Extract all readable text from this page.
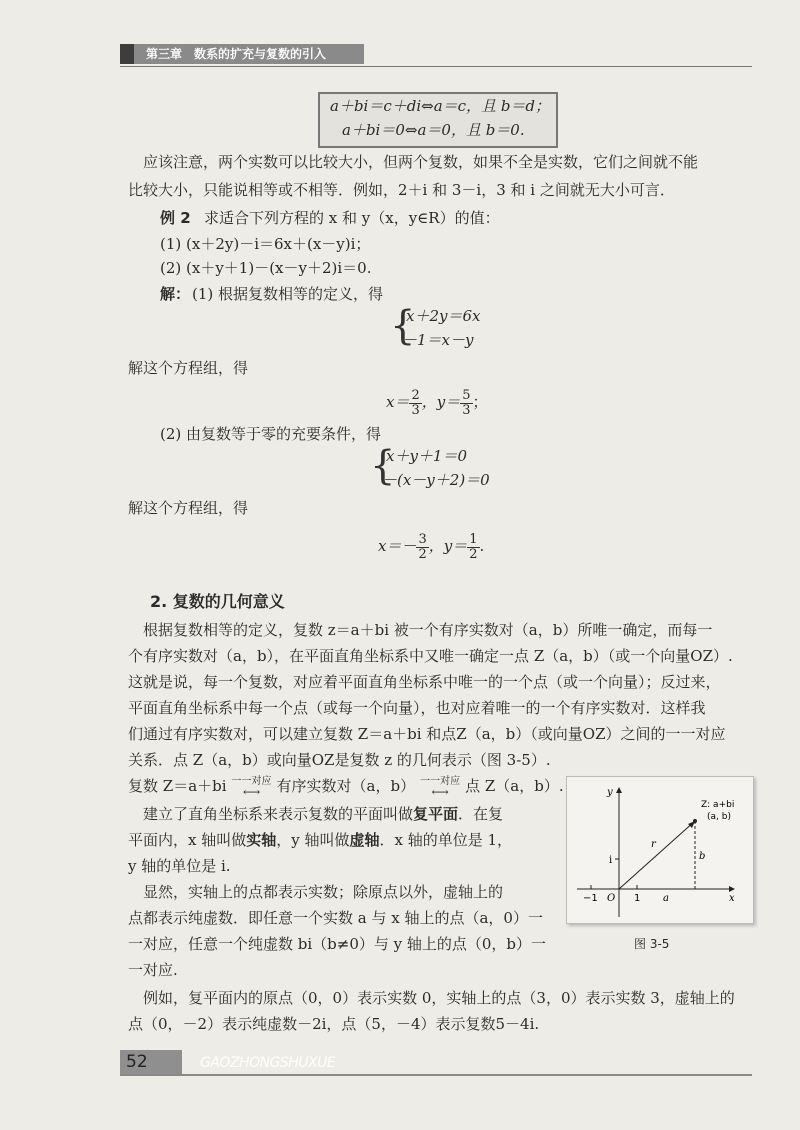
第三章　数系的扩充与复数的引入
a＋bi＝c＋di⇔a＝c，且 b＝d；
a＋bi＝0⇔a＝0，且 b＝0.
　应该注意，两个实数可以比较大小，但两个复数，如果不全是实数，它们之间就不能
比较大小，只能说相等或不相等．例如，2＋i 和 3－i，3 和 i 之间就无大小可言．
例 2 求适合下列方程的 x 和 y（x，y∈R）的值：
(1) (x＋2y)－i＝6x＋(x－y)i；
(2) (x＋y＋1)－(x－y＋2)i＝0.
解： (1) 根据复数相等的定义，得
{
x＋2y＝6x
－1＝x－y
解这个方程组，得
$x= \frac{2}{3}$ ，$y= \frac{5}{3}$ ；
(2) 由复数等于零的充要条件，得
{
x＋y＋1＝0
－(x－y＋2)＝0
解这个方程组，得
$x=- \frac{3}{2}$ ，$y= \frac{1}{2}$ .
2. 复数的几何意义
　根据复数相等的定义，复数 z＝a＋bi 被一个有序实数对（a，b）所唯一确定，而每一
个有序实数对（a，b），在平面直角坐标系中又唯一确定一点 Z（a，b）（或一个向量OZ）.
这就是说，每一个复数，对应着平面直角坐标系中唯一的一个点（或一个向量）；反过来，
平面直角坐标系中每一个点（或每一个向量），也对应着唯一的一个有序实数对．这样我
们通过有序实数对，可以建立复数 Z＝a＋bi 和点Z（a，b）（或向量OZ）之间的一一对应
关系．点 Z（a，b）或向量OZ是复数 z 的几何表示（图 3-5）.
复数 Z＝a＋bi 一一对应
⟷	有序实数对（a，b） 一一对应
⟷	点 Z（a，b）.
　建立了直角坐标系来表示复数的平面叫做复平面．在复
平面内，x 轴叫做实轴，y 轴叫做虚轴．x 轴的单位是 1，
y 轴的单位是 i.
　显然，实轴上的点都表示实数；除原点以外，虚轴上的
点都表示纯虚数．即任意一个实数 a 与 x 轴上的点（a，0）一
一对应，任意一个纯虚数 bi（b≠0）与 y 轴上的点（0，b）一
一对应.
　例如，复平面内的原点（0，0）表示实数 0，实轴上的点（3，0）表示实数 3，虚轴上的
点（0，－2）表示纯虚数－2i，点（5，－4）表示复数5－4i.
y
x
Z: a+bi
(a, b)
i
r
b
−1 O 1 a
图 3-5
52	GAOZHONGSHUXUE
